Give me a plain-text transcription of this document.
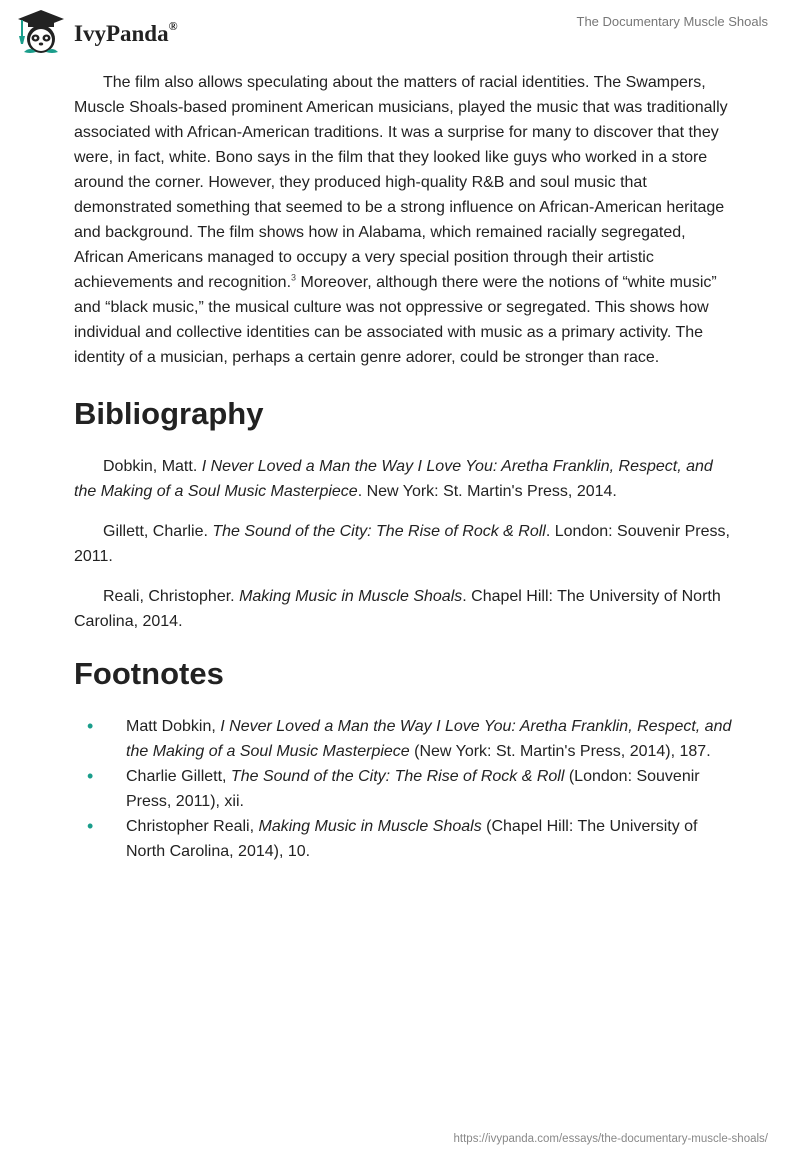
IvyPanda®	The Documentary Muscle Shoals

The film also allows speculating about the matters of racial identities. The Swampers, Muscle Shoals-based prominent American musicians, played the music that was traditionally associated with African-American traditions. It was a surprise for many to discover that they were, in fact, white. Bono says in the film that they looked like guys who worked in a store around the corner. However, they produced high-quality R&B and soul music that demonstrated something that seemed to be a strong influence on African-American heritage and background. The film shows how in Alabama, which remained racially segregated, African Americans managed to occupy a very special position through their artistic achievements and recognition.$^3$ Moreover, although there were the notions of “white music” and “black music,” the musical culture was not oppressive or segregated. This shows how individual and collective identities can be associated with music as a primary activity. The identity of a musician, perhaps a certain genre adorer, could be stronger than race.

Bibliography

Dobkin, Matt. I Never Loved a Man the Way I Love You: Aretha Franklin, Respect, and the Making of a Soul Music Masterpiece. New York: St. Martin's Press, 2014.

Gillett, Charlie. The Sound of the City: The Rise of Rock & Roll. London: Souvenir Press, 2011.

Reali, Christopher. Making Music in Muscle Shoals. Chapel Hill: The University of North Carolina, 2014.

Footnotes
• Matt Dobkin, I Never Loved a Man the Way I Love You: Aretha Franklin, Respect, and the Making of a Soul Music Masterpiece (New York: St. Martin's Press, 2014), 187.
• Charlie Gillett, The Sound of the City: The Rise of Rock & Roll (London: Souvenir Press, 2011), xii.
• Christopher Reali, Making Music in Muscle Shoals (Chapel Hill: The University of North Carolina, 2014), 10.
https://ivypanda.com/essays/the-documentary-muscle-shoals/
